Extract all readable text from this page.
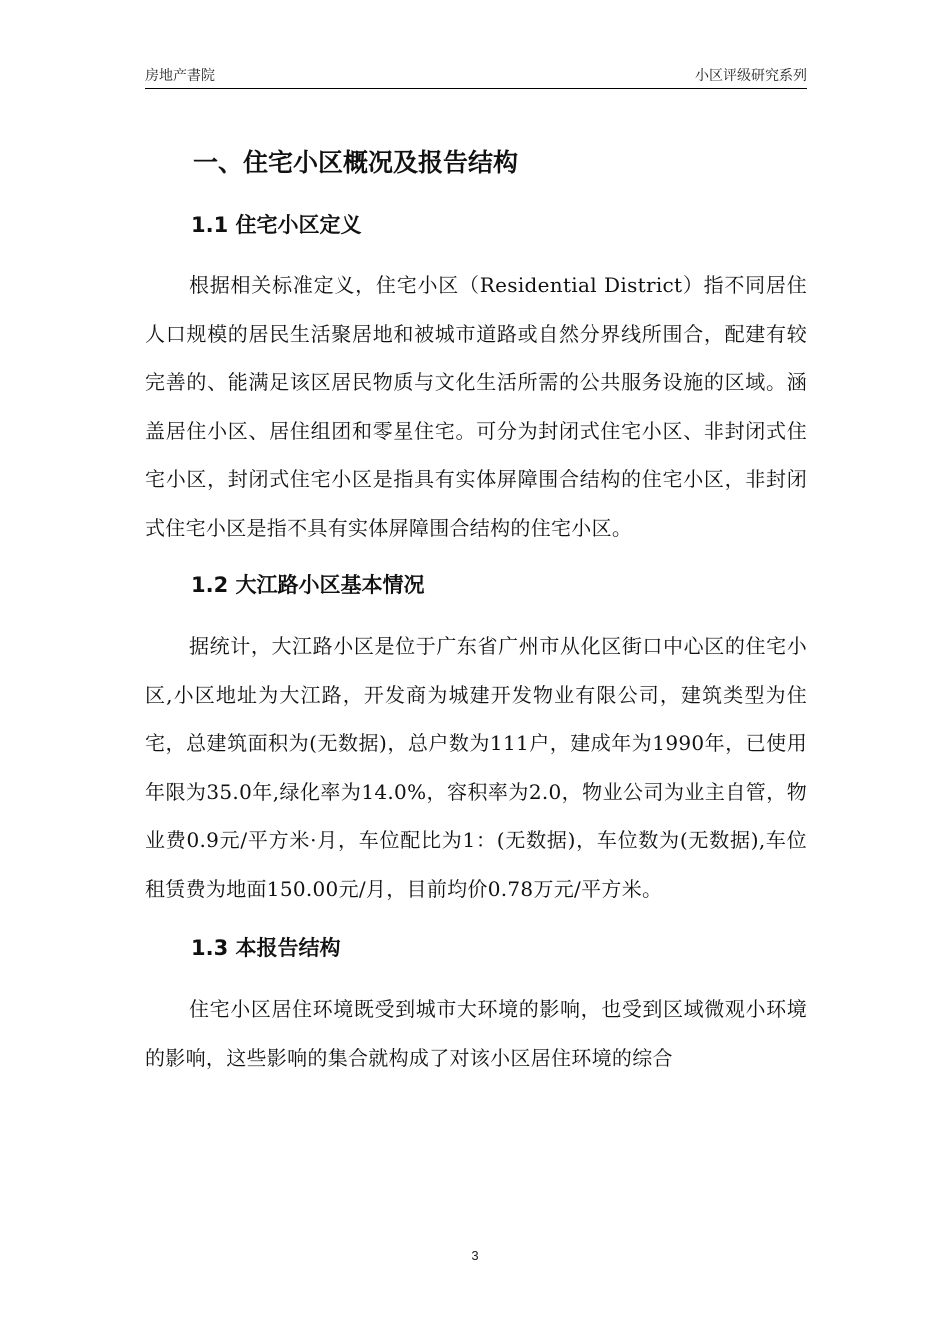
房地产書院	小区评级研究系列
一、住宅小区概况及报告结构
1.1 住宅小区定义

根据相关标准定义，住宅小区（Residential District）指不同居住人口规模的居民生活聚居地和被城市道路或自然分界线所围合，配建有较完善的、能满足该区居民物质与文化生活所需的公共服务设施的区域。涵盖居住小区、居住组团和零星住宅。可分为封闭式住宅小区、非封闭式住宅小区，封闭式住宅小区是指具有实体屏障围合结构的住宅小区，非封闭式住宅小区是指不具有实体屏障围合结构的住宅小区。

1.2 大江路小区基本情况

据统计，大江路小区是位于广东省广州市从化区街口中心区的住宅小区,小区地址为大江路，开发商为城建开发物业有限公司，建筑类型为住宅，总建筑面积为(无数据)，总户数为111户，建成年为1990年，已使用年限为35.0年,绿化率为14.0%，容积率为2.0，物业公司为业主自管，物业费0.9元/平方米·月，车位配比为1：(无数据)，车位数为(无数据),车位租赁费为地面150.00元/月，目前均价0.78万元/平方米。

1.3 本报告结构

住宅小区居住环境既受到城市大环境的影响，也受到区域微观小环境的影响，这些影响的集合就构成了对该小区居住环境的综合

3
